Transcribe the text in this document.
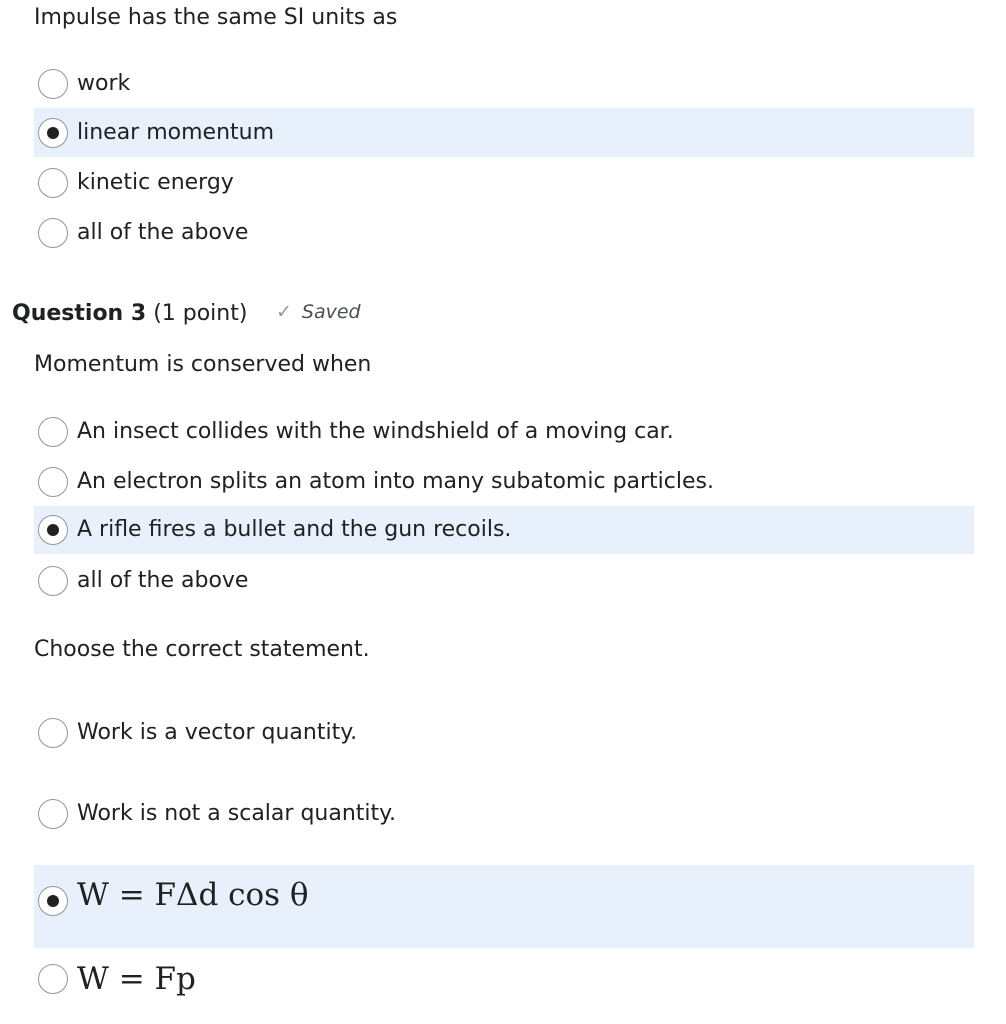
Impulse has the same SI units as
work
linear momentum
kinetic energy
all of the above
Question 3 (1 point) ✓ Saved
Momentum is conserved when
An insect collides with the windshield of a moving car.
An electron splits an atom into many subatomic particles.
A rifle fires a bullet and the gun recoils.
all of the above
Choose the correct statement.
Work is a vector quantity.
Work is not a scalar quantity.
W = FΔd cos θ
W = Fp
